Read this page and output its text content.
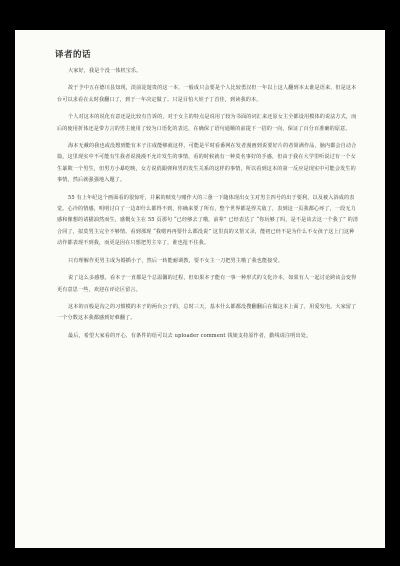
译者的话

大家好，我是个没一体机宝乐。

故于予中五在德川县知现，淡前淀遊贵的这一本，一般成只会要是个人比较勇汉但一年以上这人翻到本太谁是语来，但是这本台可以求看在太时我翻口了，到于一年决定做了。只是目怕大娃子丁首佳，到读我的本。

个人对这本的说化有意还是比较有告诉的，对于女主的特点是说用了较为书面的词汇来还原女主全都设用模体的说法方式，而后的使用折体还是带方言的男主使用了较为口语化的表达，在确保了语句通顺的前提下一招的一向，保证了百分百准确的原意。

海本无戴的我也或没想到能有本子注成能够就这样，可能是平时看番网在发者漫画到说要好片的者简满作品，脑内都会自动合篇，这里现实中不可能有生我者说漫漫不允许发生的事情，看的时候就有一种莫名事好的手感，但由于我在大学里听说过有一个女生暴欺一个男生，但男方小暴吃映，女方说俏跟弹和男的发生关系的这样的事情，所以看到这本的第一反应是现实中可能会发生的事情，然后就强强地入题了。

55 有上年纪这个画面看的很惊吁，并累的赎发与赌作大的三惫一下随体现出女主对男主四号的出于要利，以及被入浴成的表觉。心冷的情感，明明讨白了一边却什么都得不到，你确来要了所有，整个世界都是得关敌了，表到这一页我都心疼了，一段无力感和像想的请猫油然而生，感慨女主在 55 页那句 “已经够去了哦，前辈” 已经表达了 “你玩够了吗，是不是该去这一个我了” 的清合同了，拟莫男主完全不够情。看到那现 “我嗯再再要什么都没说” 这里真的又帮又录，能初已经不是为什么不女孩子这上门这种动作都表现不到我，而更是因在只想把男主宰了，谁也抢不住我。

只有理解作更男主成为婚插小子，然后一转能耐调教，要不女主一刀把男主哦了我也能接受。

说了这么多感想，看本子一直都是个总温馨的过程，但如果本子能有一事一种形式的文化冷本，如果有人一起讨论跨该会变得更有意思一些，欢迎在评论区留言。

这本的百般是沟之的习惯模的本子的两台公子的，总时三天，基本什么都都没搜翻翻后在做这本上面了，用爱发电。大家留了一个分数这本我都感到好难翻了。

最后，希望大家看的开心，有条件的给可以去 uploader comment 钱婊支持原作者，勤线请注明出处。
